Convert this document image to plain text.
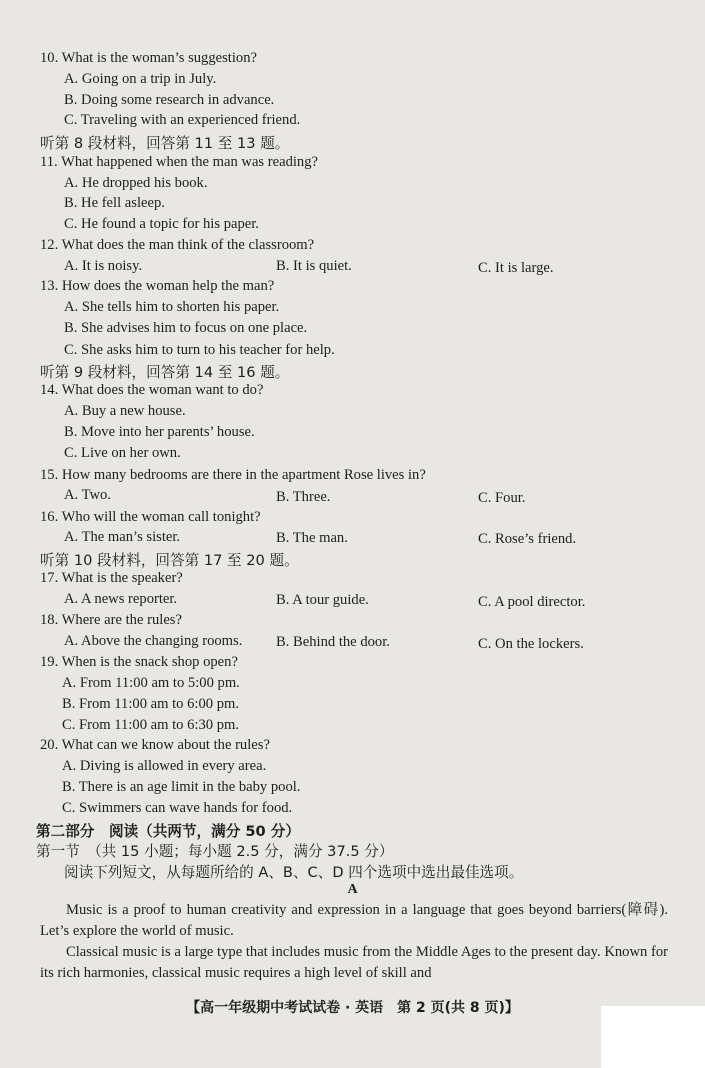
10. What is the woman’s suggestion?
A. Going on a trip in July.
B. Doing some research in advance.
C. Traveling with an experienced friend.
听第 8 段材料，回答第 11 至 13 题。
11. What happened when the man was reading?
A. He dropped his book.
B. He fell asleep.
C. He found a topic for his paper.
12. What does the man think of the classroom?
A. It is noisy.	B. It is quiet.	C. It is large.
13. How does the woman help the man?
A. She tells him to shorten his paper.
B. She advises him to focus on one place.
C. She asks him to turn to his teacher for help.
听第 9 段材料，回答第 14 至 16 题。
14. What does the woman want to do?
A. Buy a new house.
B. Move into her parents’ house.
C. Live on her own.
15. How many bedrooms are there in the apartment Rose lives in?
A. Two.	B. Three.	C. Four.
16. Who will the woman call tonight?
A. The man’s sister.	B. The man.	C. Rose’s friend.
听第 10 段材料，回答第 17 至 20 题。
17. What is the speaker?
A. A news reporter.	B. A tour guide.	C. A pool director.
18. Where are the rules?
A. Above the changing rooms. B. Behind the door.	C. On the lockers.
19. When is the snack shop open?
A. From 11:00 am to 5:00 pm.
B. From 11:00 am to 6:00 pm.
C. From 11:00 am to 6:30 pm.
20. What can we know about the rules?
A. Diving is allowed in every area.
B. There is an age limit in the baby pool.
C. Swimmers can wave hands for food.
第二部分　阅读（共两节，满分 50 分）
第一节　（共 15 小题；每小题 2.5 分，满分 37.5 分）
阅读下列短文，从每题所给的 A、B、C、D 四个选项中选出最佳选项。
A

Music is a proof to human creativity and expression in a language that goes beyond barriers(障碍). Let’s explore the world of music.

Classical music is a large type that includes music from the Middle Ages to the present day. Known for its rich harmonies, classical music requires a high level of skill and

【高一年级期中考试试卷 · 英语　第 2 页(共 8 页)】
